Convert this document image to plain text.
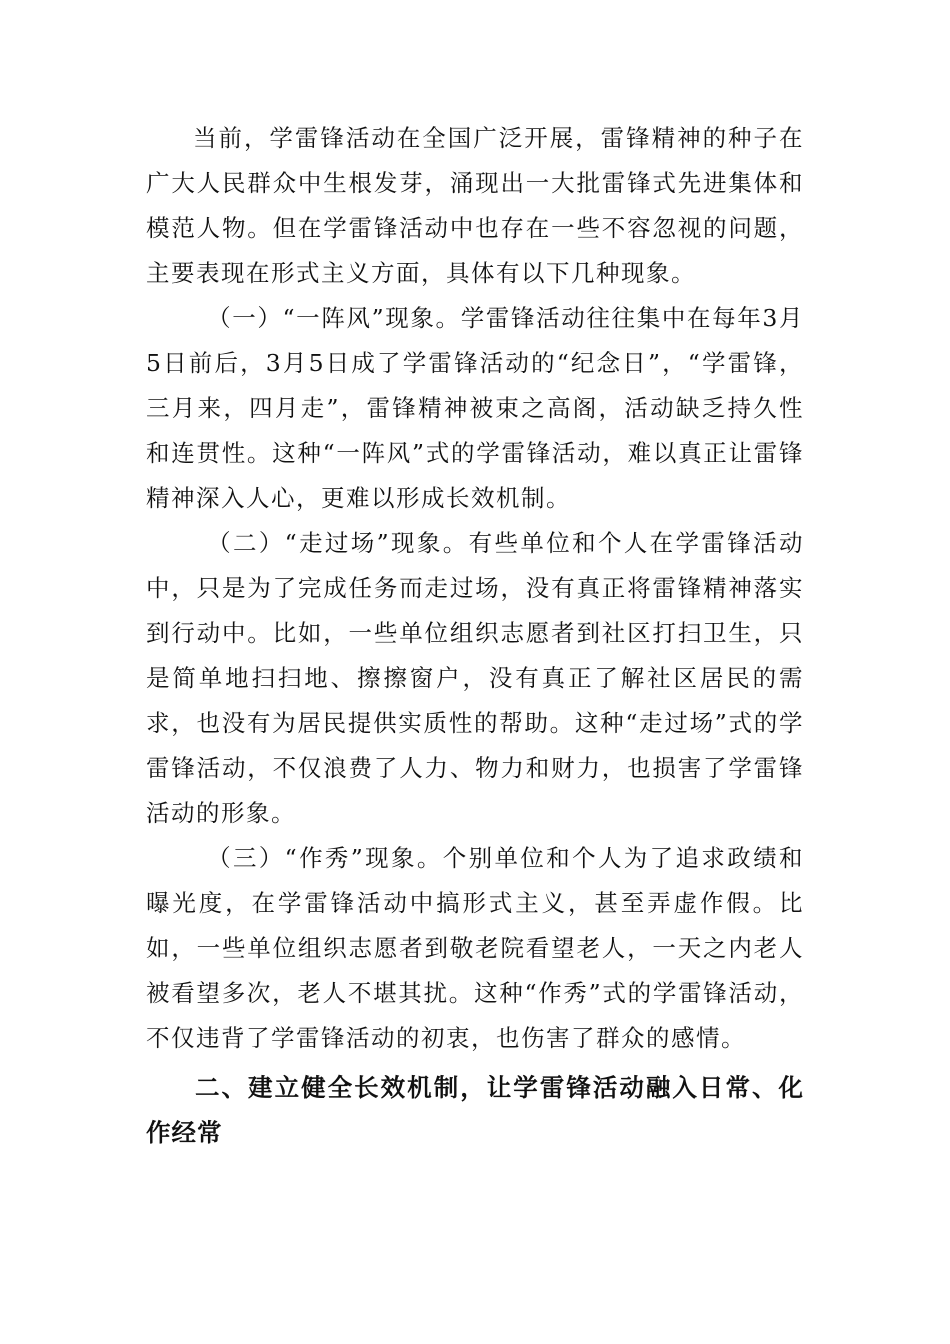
当前，学雷锋活动在全国广泛开展，雷锋精神的种子在广大人民群众中生根发芽，涌现出一大批雷锋式先进集体和模范人物。但在学雷锋活动中也存在一些不容忽视的问题，主要表现在形式主义方面，具体有以下几种现象。

（一）“一阵风”现象。学雷锋活动往往集中在每年3月5日前后，3月5日成了学雷锋活动的“纪念日”，“学雷锋，三月来，四月走”，雷锋精神被束之高阁，活动缺乏持久性和连贯性。这种“一阵风”式的学雷锋活动，难以真正让雷锋精神深入人心，更难以形成长效机制。

（二）“走过场”现象。有些单位和个人在学雷锋活动中，只是为了完成任务而走过场，没有真正将雷锋精神落实到行动中。比如，一些单位组织志愿者到社区打扫卫生，只是简单地扫扫地、擦擦窗户，没有真正了解社区居民的需求，也没有为居民提供实质性的帮助。这种“走过场”式的学雷锋活动，不仅浪费了人力、物力和财力，也损害了学雷锋活动的形象。

（三）“作秀”现象。个别单位和个人为了追求政绩和曝光度，在学雷锋活动中搞形式主义，甚至弄虚作假。比如，一些单位组织志愿者到敬老院看望老人，一天之内老人被看望多次，老人不堪其扰。这种“作秀”式的学雷锋活动，不仅违背了学雷锋活动的初衷，也伤害了群众的感情。

二、建立健全长效机制，让学雷锋活动融入日常、化作经常
